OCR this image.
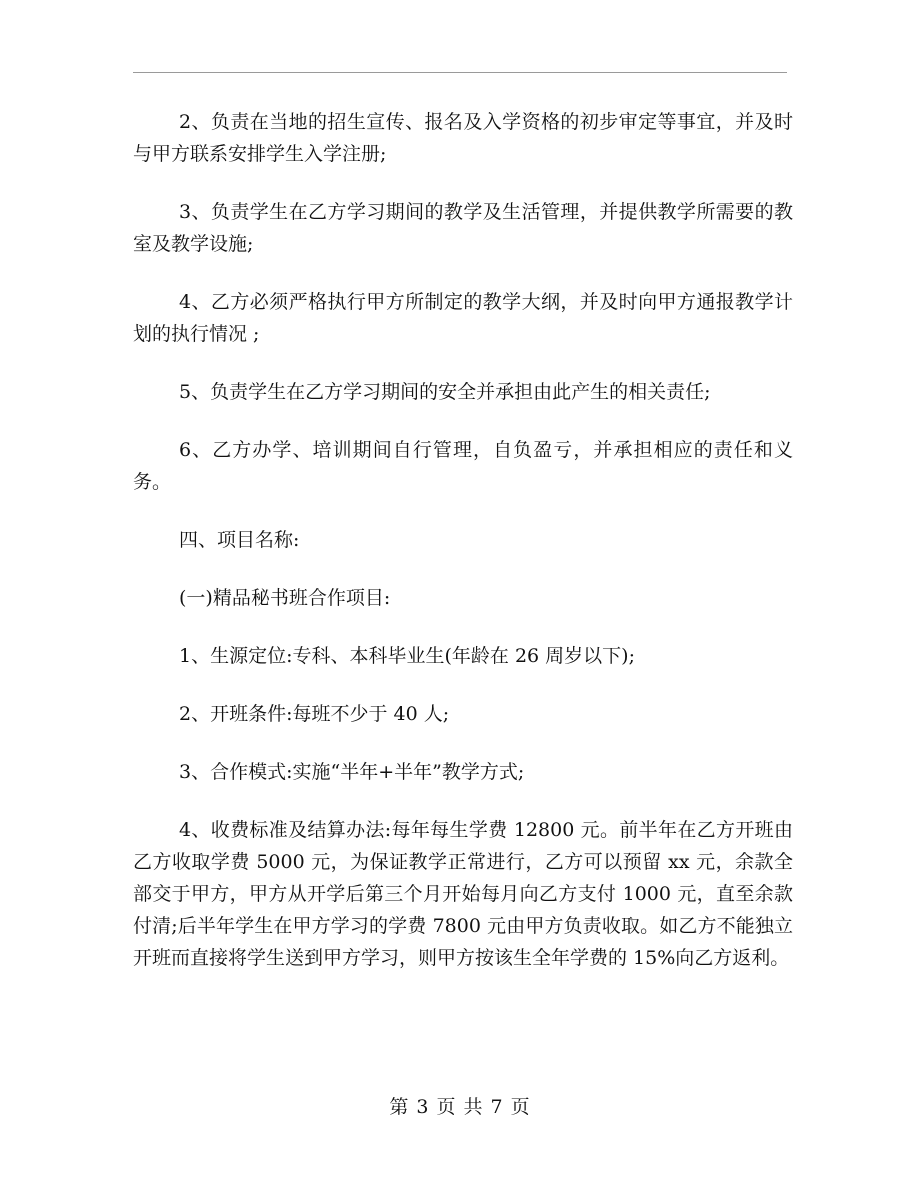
2、负责在当地的招生宣传、报名及入学资格的初步审定等事宜，并及时与甲方联系安排学生入学注册;

3、负责学生在乙方学习期间的教学及生活管理，并提供教学所需要的教室及教学设施;

4、乙方必须严格执行甲方所制定的教学大纲，并及时向甲方通报教学计划的执行情况 ;

5、负责学生在乙方学习期间的安全并承担由此产生的相关责任;

6、乙方办学、培训期间自行管理，自负盈亏，并承担相应的责任和义务。

四、项目名称:

(一)精品秘书班合作项目:

1、生源定位:专科、本科毕业生(年龄在 26 周岁以下);

2、开班条件:每班不少于 40 人;

3、合作模式:实施“半年+半年”教学方式;

4、收费标准及结算办法:每年每生学费 12800 元。前半年在乙方开班由乙方收取学费 5000 元，为保证教学正常进行，乙方可以预留 xx 元，余款全部交于甲方，甲方从开学后第三个月开始每月向乙方支付 1000 元，直至余款付清;后半年学生在甲方学习的学费 7800 元由甲方负责收取。如乙方不能独立开班而直接将学生送到甲方学习，则甲方按该生全年学费的 15%向乙方返利。

第 3 页 共 7 页
